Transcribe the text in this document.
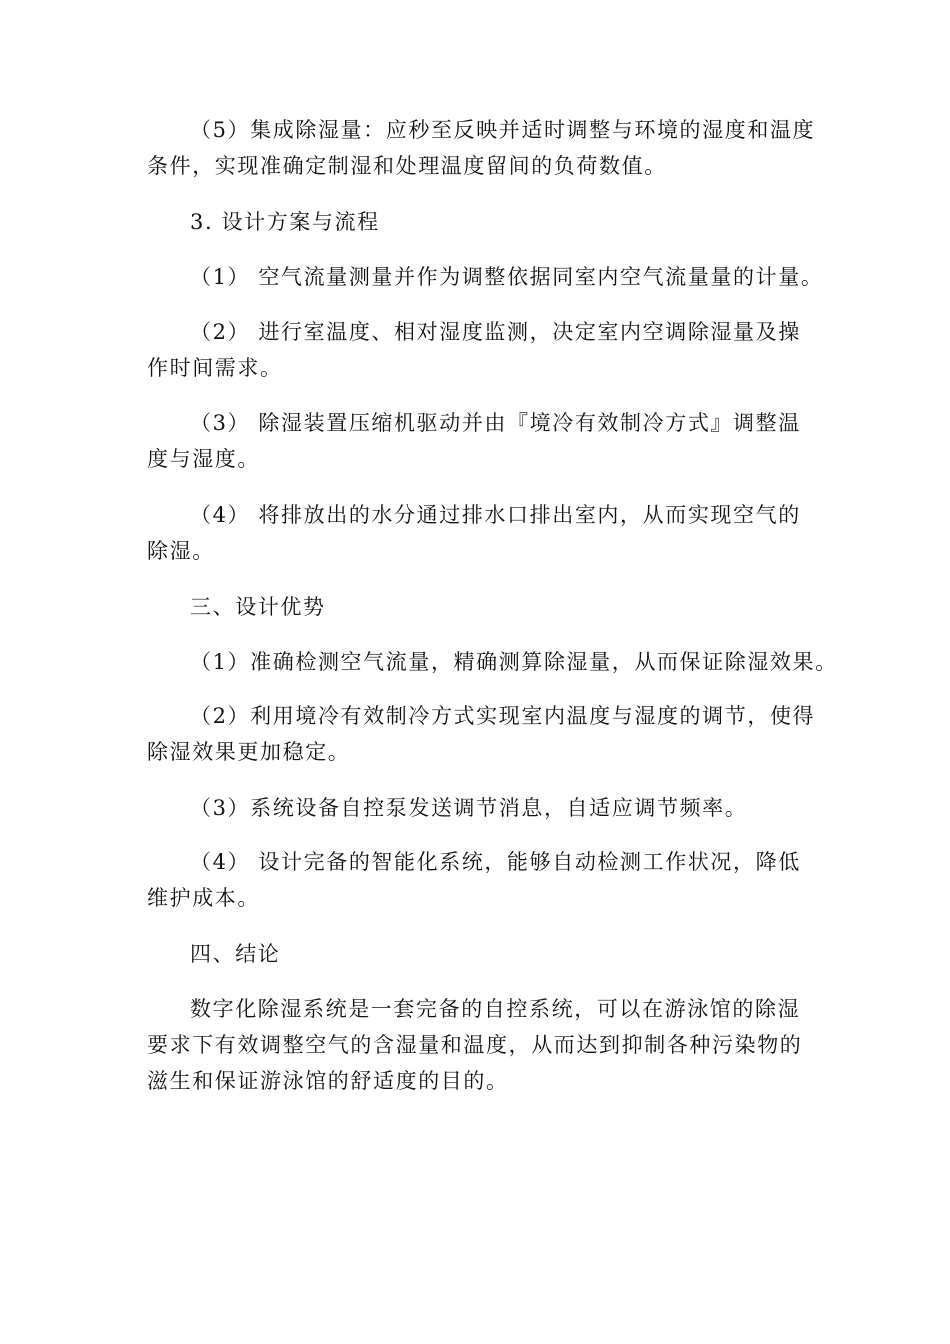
（5）集成除湿量：应秒至反映并适时调整与环境的湿度和温度
条件，实现准确定制湿和处理温度留间的负荷数值。
3. 设计方案与流程
（1） 空气流量测量并作为调整依据同室内空气流量量的计量。
（2） 进行室温度、相对湿度监测，决定室内空调除湿量及操
作时间需求。
（3） 除湿装置压缩机驱动并由『境冷有效制冷方式』调整温
度与湿度。
（4） 将排放出的水分通过排水口排出室内，从而实现空气的
除湿。
三、设计优势
（1）准确检测空气流量，精确测算除湿量，从而保证除湿效果。
（2）利用境冷有效制冷方式实现室内温度与湿度的调节，使得
除湿效果更加稳定。
（3）系统设备自控泵发送调节消息，自适应调节频率。
（4） 设计完备的智能化系统，能够自动检测工作状况，降低
维护成本。
四、结论
数字化除湿系统是一套完备的自控系统，可以在游泳馆的除湿
要求下有效调整空气的含湿量和温度，从而达到抑制各种污染物的
滋生和保证游泳馆的舒适度的目的。
